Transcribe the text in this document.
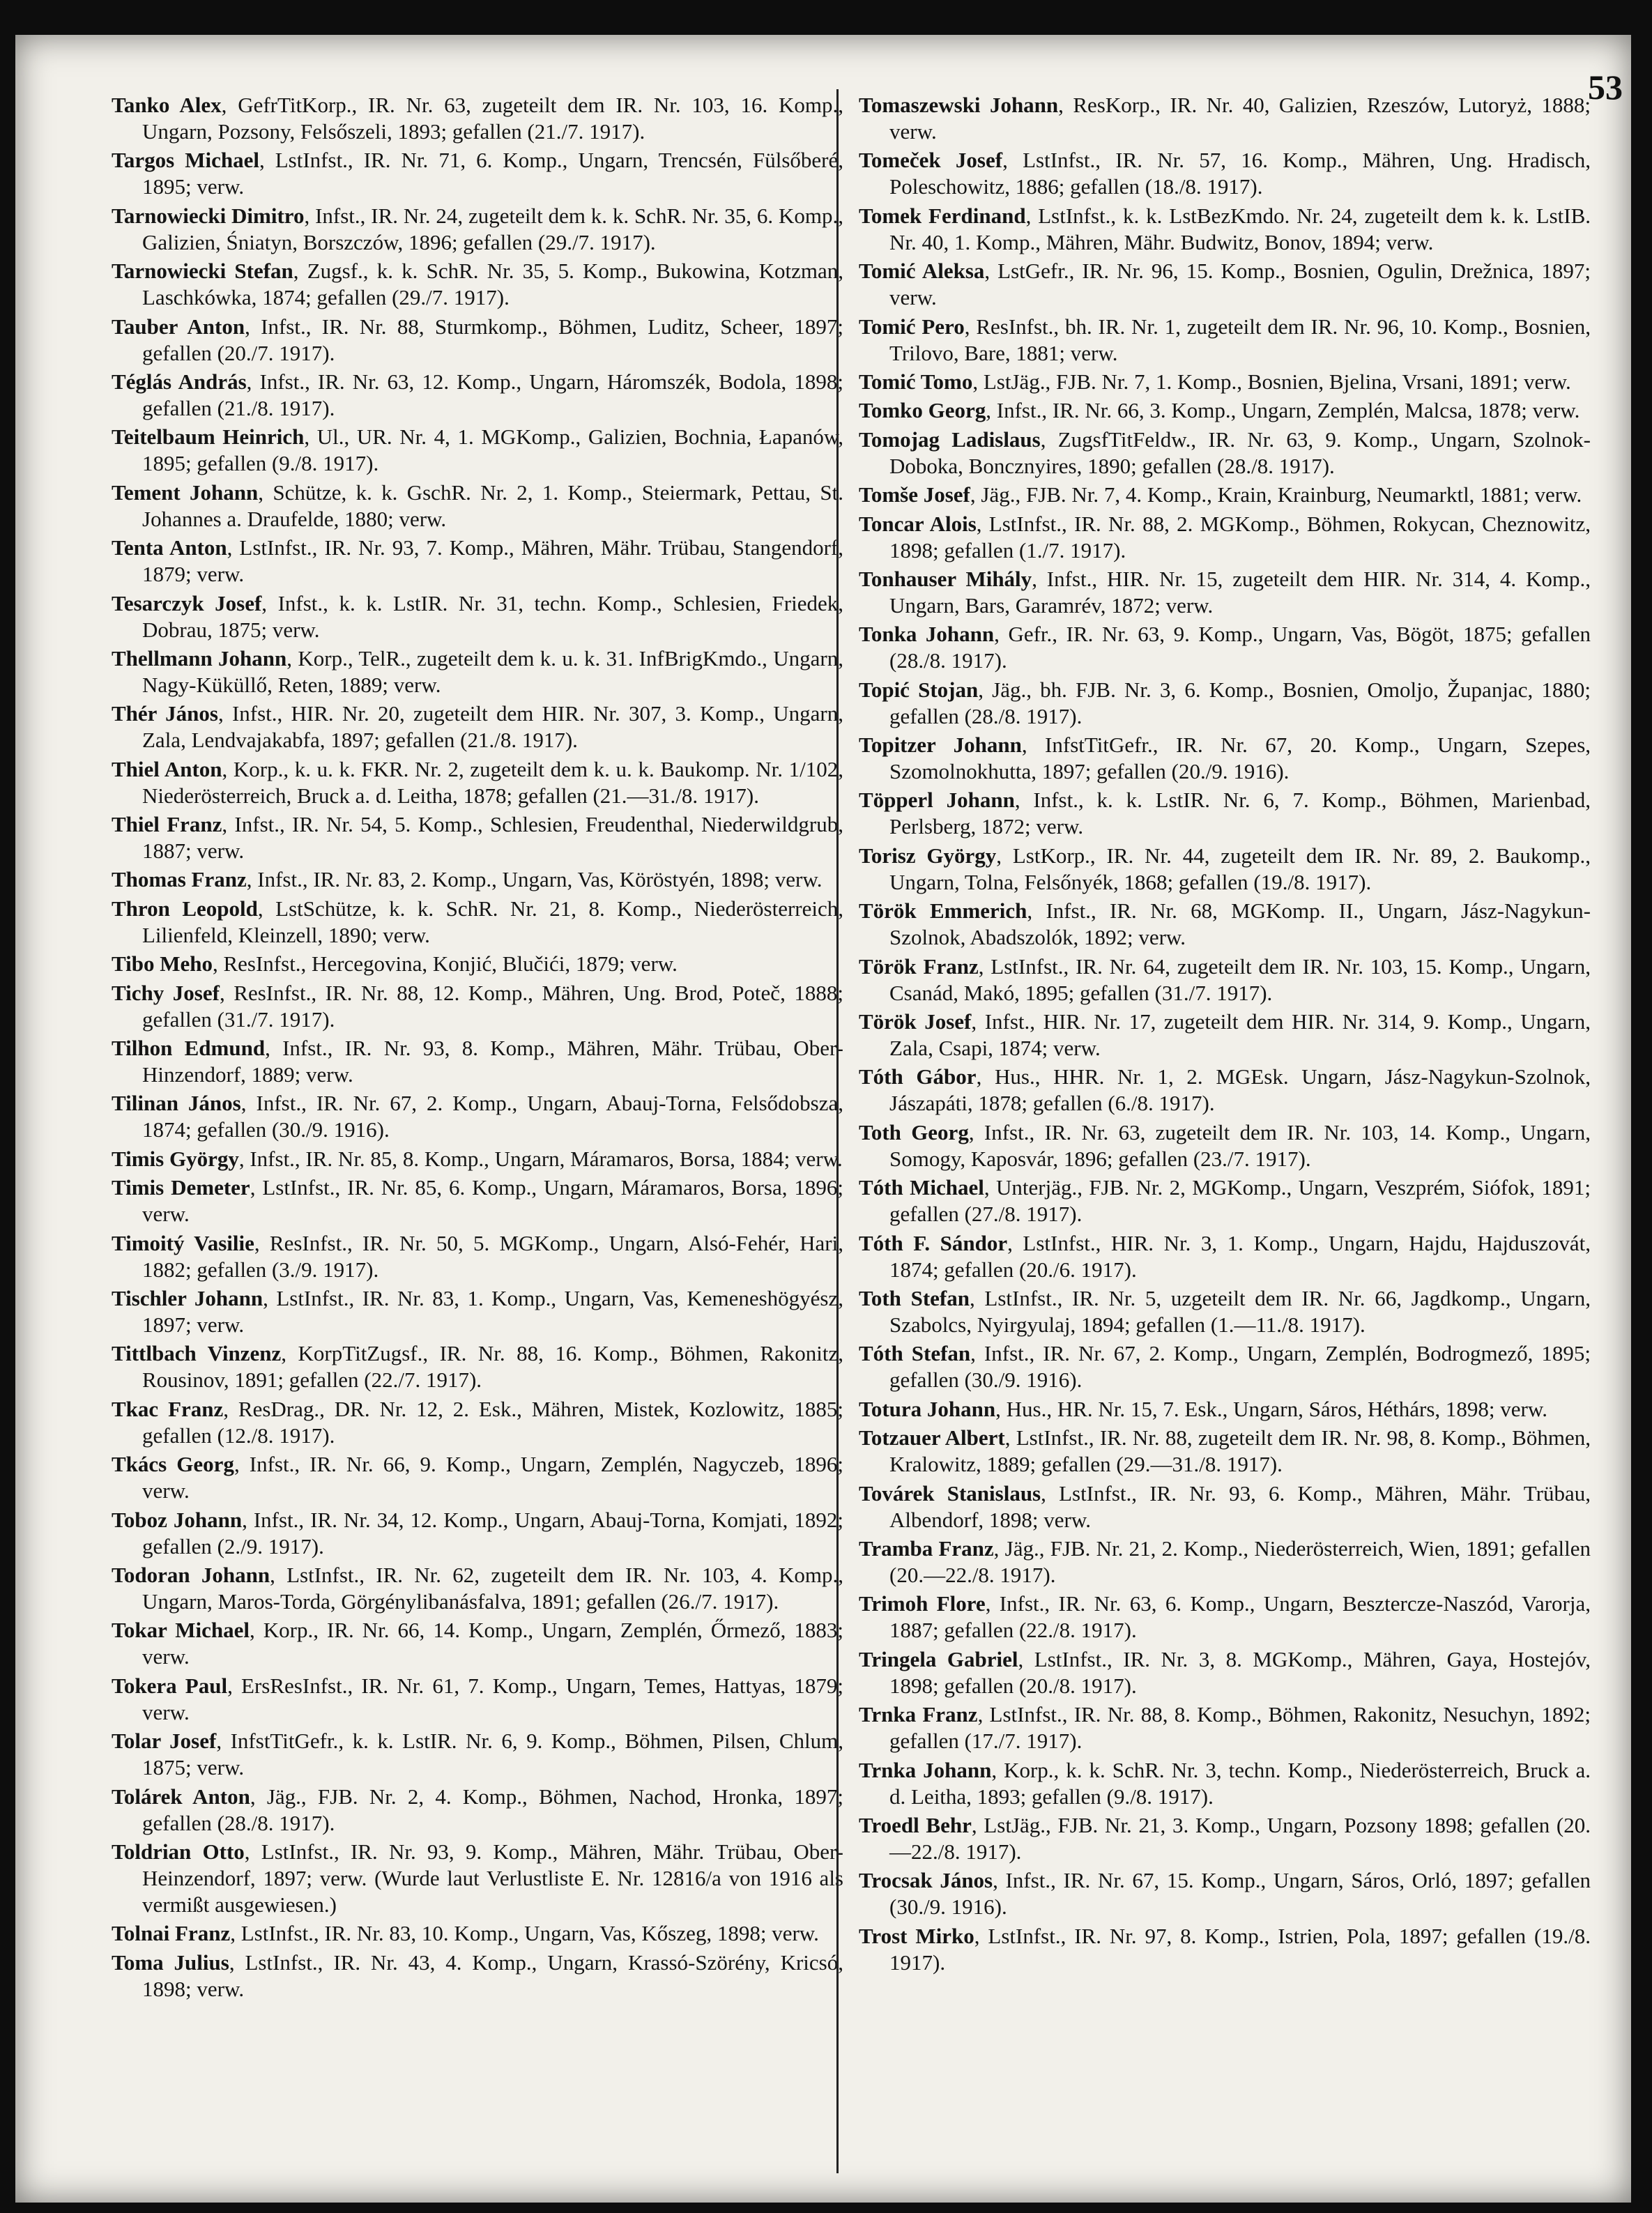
53
Tanko Alex, GefrTitKorp., IR. Nr. 63, zugeteilt dem IR. Nr. 103, 16. Komp., Ungarn, Pozsony, Felsőszeli, 1893; gefallen (21./7. 1917).
Targos Michael, LstInfst., IR. Nr. 71, 6. Komp., Ungarn, Trencsén, Fülsőberé, 1895; verw.
Tarnowiecki Dimitro, Infst., IR. Nr. 24, zugeteilt dem k. k. SchR. Nr. 35, 6. Komp., Galizien, Śniatyn, Borszczów, 1896; gefallen (29./7. 1917).
Tarnowiecki Stefan, Zugsf., k. k. SchR. Nr. 35, 5. Komp., Bukowina, Kotzman, Laschkówka, 1874; gefallen (29./7. 1917).
Tauber Anton, Infst., IR. Nr. 88, Sturmkomp., Böhmen, Luditz, Scheer, 1897; gefallen (20./7. 1917).
Téglás András, Infst., IR. Nr. 63, 12. Komp., Ungarn, Háromszék, Bodola, 1898; gefallen (21./8. 1917).
Teitelbaum Heinrich, Ul., UR. Nr. 4, 1. MGKomp., Galizien, Bochnia, Łapanów, 1895; gefallen (9./8. 1917).
Tement Johann, Schütze, k. k. GschR. Nr. 2, 1. Komp., Steiermark, Pettau, St. Johannes a. Draufelde, 1880; verw.
Tenta Anton, LstInfst., IR. Nr. 93, 7. Komp., Mähren, Mähr. Trübau, Stangendorf, 1879; verw.
Tesarczyk Josef, Infst., k. k. LstIR. Nr. 31, techn. Komp., Schlesien, Friedek, Dobrau, 1875; verw.
Thellmann Johann, Korp., TelR., zugeteilt dem k. u. k. 31. InfBrigKmdo., Ungarn, Nagy-Küküllő, Reten, 1889; verw.
Thér János, Infst., HIR. Nr. 20, zugeteilt dem HIR. Nr. 307, 3. Komp., Ungarn, Zala, Lendvajakabfa, 1897; gefallen (21./8. 1917).
Thiel Anton, Korp., k. u. k. FKR. Nr. 2, zugeteilt dem k. u. k. Baukomp. Nr. 1/102, Niederösterreich, Bruck a. d. Leitha, 1878; gefallen (21.—31./8. 1917).
Thiel Franz, Infst., IR. Nr. 54, 5. Komp., Schlesien, Freudenthal, Niederwildgrub, 1887; verw.
Thomas Franz, Infst., IR. Nr. 83, 2. Komp., Ungarn, Vas, Köröstyén, 1898; verw.
Thron Leopold, LstSchütze, k. k. SchR. Nr. 21, 8. Komp., Niederösterreich, Lilienfeld, Kleinzell, 1890; verw.
Tibo Meho, ResInfst., Hercegovina, Konjić, Blučići, 1879; verw.
Tichy Josef, ResInfst., IR. Nr. 88, 12. Komp., Mähren, Ung. Brod, Poteč, 1888; gefallen (31./7. 1917).
Tilhon Edmund, Infst., IR. Nr. 93, 8. Komp., Mähren, Mähr. Trübau, Ober-Hinzendorf, 1889; verw.
Tilinan János, Infst., IR. Nr. 67, 2. Komp., Ungarn, Abauj-Torna, Felsődobsza, 1874; gefallen (30./9. 1916).
Timis György, Infst., IR. Nr. 85, 8. Komp., Ungarn, Máramaros, Borsa, 1884; verw.
Timis Demeter, LstInfst., IR. Nr. 85, 6. Komp., Ungarn, Máramaros, Borsa, 1896; verw.
Timoitý Vasilie, ResInfst., IR. Nr. 50, 5. MGKomp., Ungarn, Alsó-Fehér, Hari, 1882; gefallen (3./9. 1917).
Tischler Johann, LstInfst., IR. Nr. 83, 1. Komp., Ungarn, Vas, Kemeneshögyész, 1897; verw.
Tittlbach Vinzenz, KorpTitZugsf., IR. Nr. 88, 16. Komp., Böhmen, Rakonitz, Rousinov, 1891; gefallen (22./7. 1917).
Tkac Franz, ResDrag., DR. Nr. 12, 2. Esk., Mähren, Mistek, Kozlowitz, 1885; gefallen (12./8. 1917).
Tkács Georg, Infst., IR. Nr. 66, 9. Komp., Ungarn, Zemplén, Nagyczeb, 1896; verw.
Toboz Johann, Infst., IR. Nr. 34, 12. Komp., Ungarn, Abauj-Torna, Komjati, 1892; gefallen (2./9. 1917).
Todoran Johann, LstInfst., IR. Nr. 62, zugeteilt dem IR. Nr. 103, 4. Komp., Ungarn, Maros-Torda, Görgénylibanásfalva, 1891; gefallen (26./7. 1917).
Tokar Michael, Korp., IR. Nr. 66, 14. Komp., Ungarn, Zemplén, Őrmező, 1883; verw.
Tokera Paul, ErsResInfst., IR. Nr. 61, 7. Komp., Ungarn, Temes, Hattyas, 1879; verw.
Tolar Josef, InfstTitGefr., k. k. LstIR. Nr. 6, 9. Komp., Böhmen, Pilsen, Chlum, 1875; verw.
Tolárek Anton, Jäg., FJB. Nr. 2, 4. Komp., Böhmen, Nachod, Hronka, 1897; gefallen (28./8. 1917).
Toldrian Otto, LstInfst., IR. Nr. 93, 9. Komp., Mähren, Mähr. Trübau, Ober-Heinzendorf, 1897; verw. (Wurde laut Verlustliste E. Nr. 12816/a von 1916 als vermißt ausgewiesen.)
Tolnai Franz, LstInfst., IR. Nr. 83, 10. Komp., Ungarn, Vas, Kőszeg, 1898; verw.
Toma Julius, LstInfst., IR. Nr. 43, 4. Komp., Ungarn, Krassó-Szörény, Kricsó, 1898; verw.
Tomaszewski Johann, ResKorp., IR. Nr. 40, Galizien, Rzeszów, Lutoryż, 1888; verw.
Tomeček Josef, LstInfst., IR. Nr. 57, 16. Komp., Mähren, Ung. Hradisch, Poleschowitz, 1886; gefallen (18./8. 1917).
Tomek Ferdinand, LstInfst., k. k. LstBezKmdo. Nr. 24, zugeteilt dem k. k. LstIB. Nr. 40, 1. Komp., Mähren, Mähr. Budwitz, Bonov, 1894; verw.
Tomić Aleksa, LstGefr., IR. Nr. 96, 15. Komp., Bosnien, Ogulin, Drežnica, 1897; verw.
Tomić Pero, ResInfst., bh. IR. Nr. 1, zugeteilt dem IR. Nr. 96, 10. Komp., Bosnien, Trilovo, Bare, 1881; verw.
Tomić Tomo, LstJäg., FJB. Nr. 7, 1. Komp., Bosnien, Bjelina, Vrsani, 1891; verw.
Tomko Georg, Infst., IR. Nr. 66, 3. Komp., Ungarn, Zemplén, Malcsa, 1878; verw.
Tomojag Ladislaus, ZugsfTitFeldw., IR. Nr. 63, 9. Komp., Ungarn, Szolnok-Doboka, Boncznyires, 1890; gefallen (28./8. 1917).
Tomše Josef, Jäg., FJB. Nr. 7, 4. Komp., Krain, Krainburg, Neumarktl, 1881; verw.
Toncar Alois, LstInfst., IR. Nr. 88, 2. MGKomp., Böhmen, Rokycan, Cheznowitz, 1898; gefallen (1./7. 1917).
Tonhauser Mihály, Infst., HIR. Nr. 15, zugeteilt dem HIR. Nr. 314, 4. Komp., Ungarn, Bars, Garamrév, 1872; verw.
Tonka Johann, Gefr., IR. Nr. 63, 9. Komp., Ungarn, Vas, Bögöt, 1875; gefallen (28./8. 1917).
Topić Stojan, Jäg., bh. FJB. Nr. 3, 6. Komp., Bosnien, Omoljo, Županjac, 1880; gefallen (28./8. 1917).
Topitzer Johann, InfstTitGefr., IR. Nr. 67, 20. Komp., Ungarn, Szepes, Szomolnokhutta, 1897; gefallen (20./9. 1916).
Töpperl Johann, Infst., k. k. LstIR. Nr. 6, 7. Komp., Böhmen, Marienbad, Perlsberg, 1872; verw.
Torisz György, LstKorp., IR. Nr. 44, zugeteilt dem IR. Nr. 89, 2. Baukomp., Ungarn, Tolna, Felsőnyék, 1868; gefallen (19./8. 1917).
Török Emmerich, Infst., IR. Nr. 68, MGKomp. II., Ungarn, Jász-Nagykun-Szolnok, Abadszolók, 1892; verw.
Török Franz, LstInfst., IR. Nr. 64, zugeteilt dem IR. Nr. 103, 15. Komp., Ungarn, Csanád, Makó, 1895; gefallen (31./7. 1917).
Török Josef, Infst., HIR. Nr. 17, zugeteilt dem HIR. Nr. 314, 9. Komp., Ungarn, Zala, Csapi, 1874; verw.
Tóth Gábor, Hus., HHR. Nr. 1, 2. MGEsk. Ungarn, Jász-Nagykun-Szolnok, Jászapáti, 1878; gefallen (6./8. 1917).
Toth Georg, Infst., IR. Nr. 63, zugeteilt dem IR. Nr. 103, 14. Komp., Ungarn, Somogy, Kaposvár, 1896; gefallen (23./7. 1917).
Tóth Michael, Unterjäg., FJB. Nr. 2, MGKomp., Ungarn, Veszprém, Siófok, 1891; gefallen (27./8. 1917).
Tóth F. Sándor, LstInfst., HIR. Nr. 3, 1. Komp., Ungarn, Hajdu, Hajduszovát, 1874; gefallen (20./6. 1917).
Toth Stefan, LstInfst., IR. Nr. 5, uzgeteilt dem IR. Nr. 66, Jagdkomp., Ungarn, Szabolcs, Nyirgyulaj, 1894; gefallen (1.—11./8. 1917).
Tóth Stefan, Infst., IR. Nr. 67, 2. Komp., Ungarn, Zemplén, Bodrogmező, 1895; gefallen (30./9. 1916).
Totura Johann, Hus., HR. Nr. 15, 7. Esk., Ungarn, Sáros, Héthárs, 1898; verw.
Totzauer Albert, LstInfst., IR. Nr. 88, zugeteilt dem IR. Nr. 98, 8. Komp., Böhmen, Kralowitz, 1889; gefallen (29.—31./8. 1917).
Továrek Stanislaus, LstInfst., IR. Nr. 93, 6. Komp., Mähren, Mähr. Trübau, Albendorf, 1898; verw.
Tramba Franz, Jäg., FJB. Nr. 21, 2. Komp., Niederösterreich, Wien, 1891; gefallen (20.—22./8. 1917).
Trimoh Flore, Infst., IR. Nr. 63, 6. Komp., Ungarn, Besztercze-Naszód, Varorja, 1887; gefallen (22./8. 1917).
Tringela Gabriel, LstInfst., IR. Nr. 3, 8. MGKomp., Mähren, Gaya, Hostejóv, 1898; gefallen (20./8. 1917).
Trnka Franz, LstInfst., IR. Nr. 88, 8. Komp., Böhmen, Rakonitz, Nesuchyn, 1892; gefallen (17./7. 1917).
Trnka Johann, Korp., k. k. SchR. Nr. 3, techn. Komp., Niederösterreich, Bruck a. d. Leitha, 1893; gefallen (9./8. 1917).
Troedl Behr, LstJäg., FJB. Nr. 21, 3. Komp., Ungarn, Pozsony 1898; gefallen (20.—22./8. 1917).
Trocsak János, Infst., IR. Nr. 67, 15. Komp., Ungarn, Sáros, Orló, 1897; gefallen (30./9. 1916).
Trost Mirko, LstInfst., IR. Nr. 97, 8. Komp., Istrien, Pola, 1897; gefallen (19./8. 1917).
